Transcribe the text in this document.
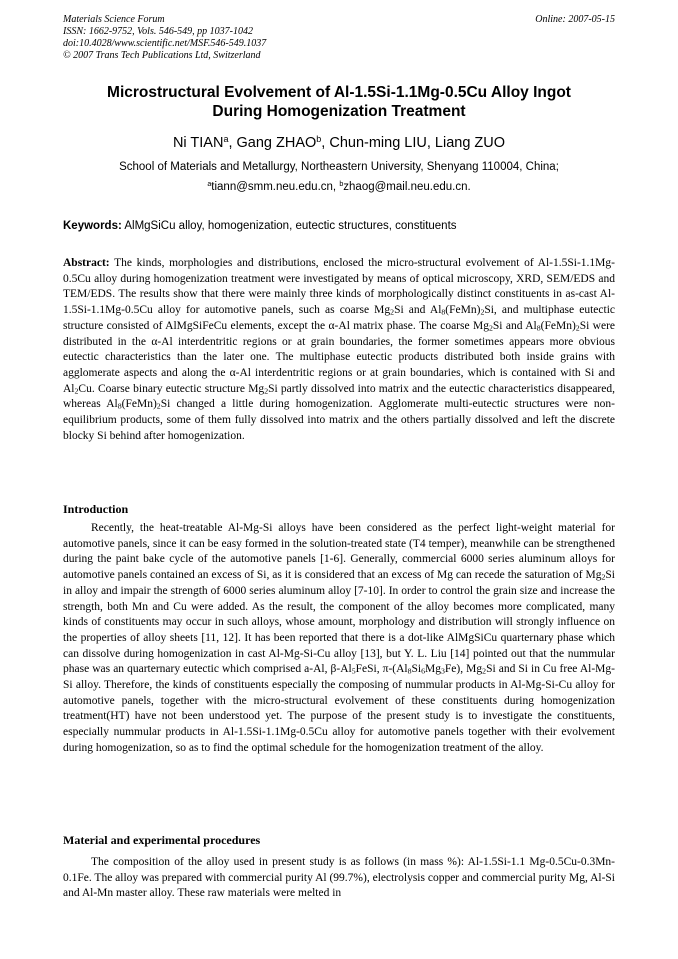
Materials Science Forum
ISSN: 1662-9752, Vols. 546-549, pp 1037-1042
doi:10.4028/www.scientific.net/MSF.546-549.1037
© 2007 Trans Tech Publications Ltd, Switzerland
Online: 2007-05-15
Microstructural Evolvement of Al-1.5Si-1.1Mg-0.5Cu Alloy Ingot
During Homogenization Treatment
Ni TIAN$^a$, Gang ZHAO$^b$, Chun-ming LIU, Liang ZUO
School of Materials and Metallurgy, Northeastern University, Shenyang 110004, China;
$^a$tiann@smm.neu.edu.cn, $^b$zhaog@mail.neu.edu.cn.
Keywords: AlMgSiCu alloy, homogenization, eutectic structures, constituents
Abstract: The kinds, morphologies and distributions, enclosed the micro-structural evolvement of Al-1.5Si-1.1Mg-0.5Cu alloy during homogenization treatment were investigated by means of optical microscopy, XRD, SEM/EDS and TEM/EDS. The results show that there were mainly three kinds of morphologically distinct constituents in as-cast Al-1.5Si-1.1Mg-0.5Cu alloy for automotive panels, such as coarse $Mg_2Si$ and $Al_8(FeMn)_2Si$, and multiphase eutectic structure consisted of AlMgSiFeCu elements, except the α-Al matrix phase. The coarse $Mg_2Si$ and $Al_8(FeMn)_2Si$ were distributed in the α-Al interdentritic regions or at grain boundaries, the former sometimes appears more obvious eutectic characteristics than the later one. The multiphase eutectic products distributed both inside grains with agglomerate aspects and along the α-Al interdentritic regions or at grain boundaries, which is contained with Si and $Al_2Cu$. Coarse binary eutectic structure $Mg_2Si$ partly dissolved into matrix and the eutectic characteristics disappeared, whereas $Al_8(FeMn)_2Si$ changed a little during homogenization. Agglomerate multi-eutectic structures were non-equilibrium products, some of them fully dissolved into matrix and the others partially dissolved and left the discrete blocky Si behind after homogenization.
Introduction
Recently, the heat-treatable Al-Mg-Si alloys have been considered as the perfect light-weight material for automotive panels, since it can be easy formed in the solution-treated state (T4 temper), meanwhile can be strengthened during the paint bake cycle of the automotive panels [1-6]. Generally, commercial 6000 series aluminum alloys for automotive panels contained an excess of Si, as it is considered that an excess of Mg can recede the saturation of $Mg_2Si$ in alloy and impair the strength of 6000 series aluminum alloy [7-10]. In order to control the grain size and increase the strength, both Mn and Cu were added. As the result, the component of the alloy becomes more complicated, many kinds of constituents may occur in such alloys, whose amount, morphology and distribution will strongly influence on the properties of alloy sheets [11, 12]. It has been reported that there is a dot-like AlMgSiCu quarternary phase which can dissolve during homogenization in cast Al-Mg-Si-Cu alloy [13], but Y. L. Liu [14] pointed out that the nummular phase was an quarternary eutectic which comprised a-Al, $\beta-Al_5FeSi$, $\pi-(Al_8Si_6Mg_3Fe)$, $Mg_2Si$ and Si in Cu free Al-Mg-Si alloy. Therefore, the kinds of constituents especially the composing of nummular products in Al-Mg-Si-Cu alloy for automotive panels, together with the micro-structural evolvement of these constituents during homogenization treatment(HT) have not been understood yet. The purpose of the present study is to investigate the constituents, especially nummular products in Al-1.5Si-1.1Mg-0.5Cu alloy for automotive panels together with their evolvement during homogenization, so as to find the optimal schedule for the homogenization treatment of the alloy.
Material and experimental procedures
The composition of the alloy used in present study is as follows (in mass %): Al-1.5Si-1.1 Mg-0.5Cu-0.3Mn-0.1Fe. The alloy was prepared with commercial purity Al (99.7%), electrolysis copper and commercial purity Mg, Al-Si and Al-Mn master alloy. These raw materials were melted in
